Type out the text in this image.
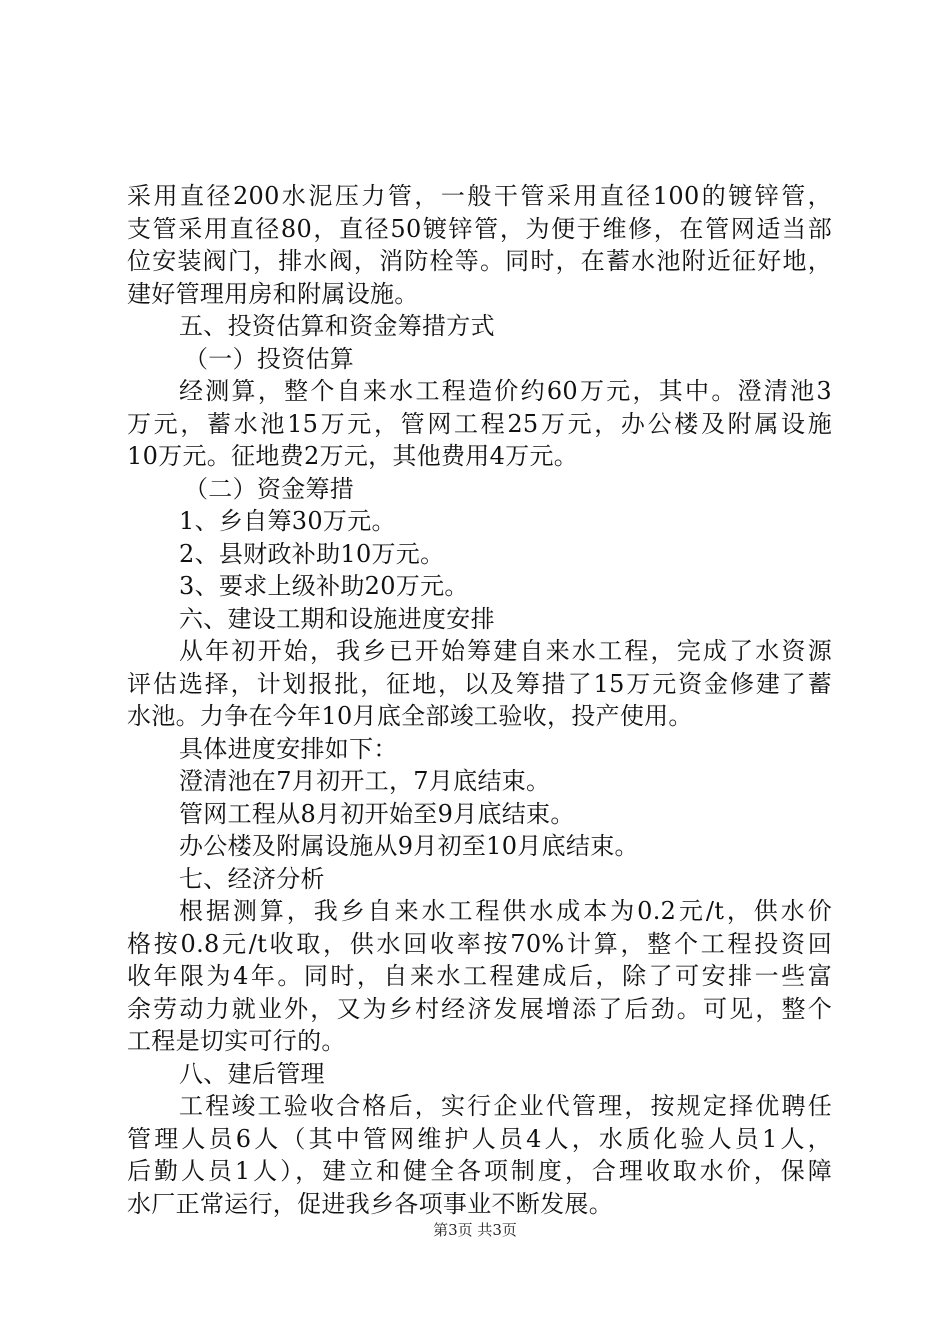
采用直径200水泥压力管，一般干管采用直径100的镀锌管，
支管采用直径80，直径50镀锌管，为便于维修，在管网适当部
位安装阀门，排水阀，消防栓等。同时，在蓄水池附近征好地，
建好管理用房和附属设施。
五、投资估算和资金筹措方式
（一）投资估算
经测算，整个自来水工程造价约60万元，其中。澄清池3
万元，蓄水池15万元，管网工程25万元，办公楼及附属设施
10万元。征地费2万元，其他费用4万元。
（二）资金筹措
1、乡自筹30万元。
2、县财政补助10万元。
3、要求上级补助20万元。
六、建设工期和设施进度安排
从年初开始，我乡已开始筹建自来水工程，完成了水资源
评估选择，计划报批，征地，以及筹措了15万元资金修建了蓄
水池。力争在今年10月底全部竣工验收，投产使用。
具体进度安排如下：
澄清池在7月初开工，7月底结束。
管网工程从8月初开始至9月底结束。
办公楼及附属设施从9月初至10月底结束。
七、经济分析
根据测算，我乡自来水工程供水成本为0.2元/t，供水价
格按0.8元/t收取，供水回收率按70%计算，整个工程投资回
收年限为4年。同时，自来水工程建成后，除了可安排一些富
余劳动力就业外，又为乡村经济发展增添了后劲。可见，整个
工程是切实可行的。
八、建后管理
工程竣工验收合格后，实行企业代管理，按规定择优聘任
管理人员6人（其中管网维护人员4人，水质化验人员1人，
后勤人员1人），建立和健全各项制度，合理收取水价，保障
水厂正常运行，促进我乡各项事业不断发展。
第3页 共3页
